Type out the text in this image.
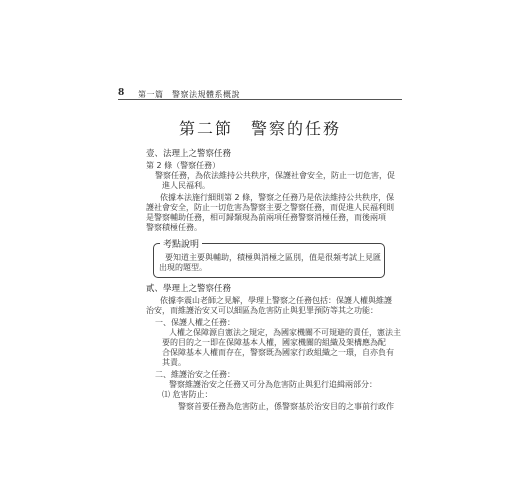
8 第一篇　警察法規體系概說
第二節　警察的任務
壹、法理上之警察任務
第 2 條（警察任務）
警察任務，為依法維持公共秩序，保護社會安全，防止一切危害，促
進人民福利。
依據本法施行細則第 2 條，警察之任務乃是依法維持公共秩序，保
護社會安全，防止一切危害為警察主要之警察任務，而促進人民福利則
是警察輔助任務，相可歸類現為前兩項任務警察消極任務，而後兩項
警察積極任務。
考點說明
要知道主要與輔助，積極與消極之區別，值是很頻考試上見匯
出現的題型。
貳、學理上之警察任務
依據李震山老師之見解，學理上警察之任務包括：保護人權與維護
治安，而維護治安又可以細區為危害防止與犯罪預防等其之功能：
一、保護人權之任務：
人權之保障源自憲法之規定，為國家機關不可規避的責任，憲法主
要的目的之一即在保障基本人權，國家機關的組織及架構應為配
合保障基本人權而存在，警察既為國家行政組織之一環，自亦負有
其責。
二、維護治安之任務：
警察維護治安之任務又可分為危害防止與犯行追緝兩部分：
⑴ 危害防止：
警察首要任務為危害防止，係警察基於治安目的之事前行政作
